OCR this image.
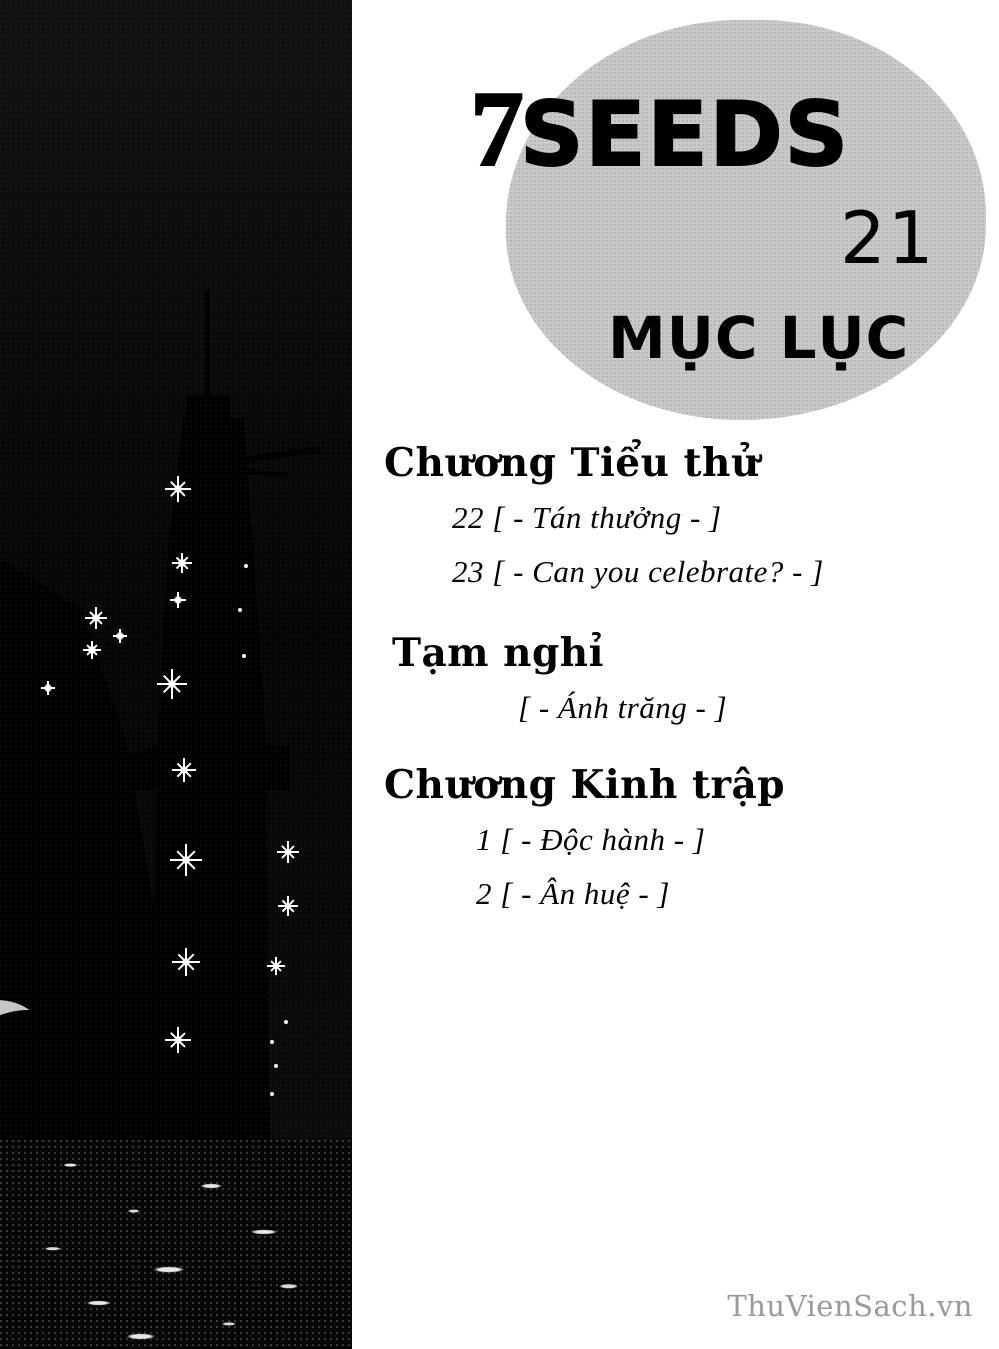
7SEEDS
21
MỤC LỤC
Chương Tiểu thử
22 [ - Tán thưởng - ]
23 [ - Can you celebrate? - ]
Tạm nghỉ
[ - Ánh trăng - ]
Chương Kinh trập
1 [ - Độc hành - ]
2 [ - Ân huệ - ]
ThuVienSach.vn
